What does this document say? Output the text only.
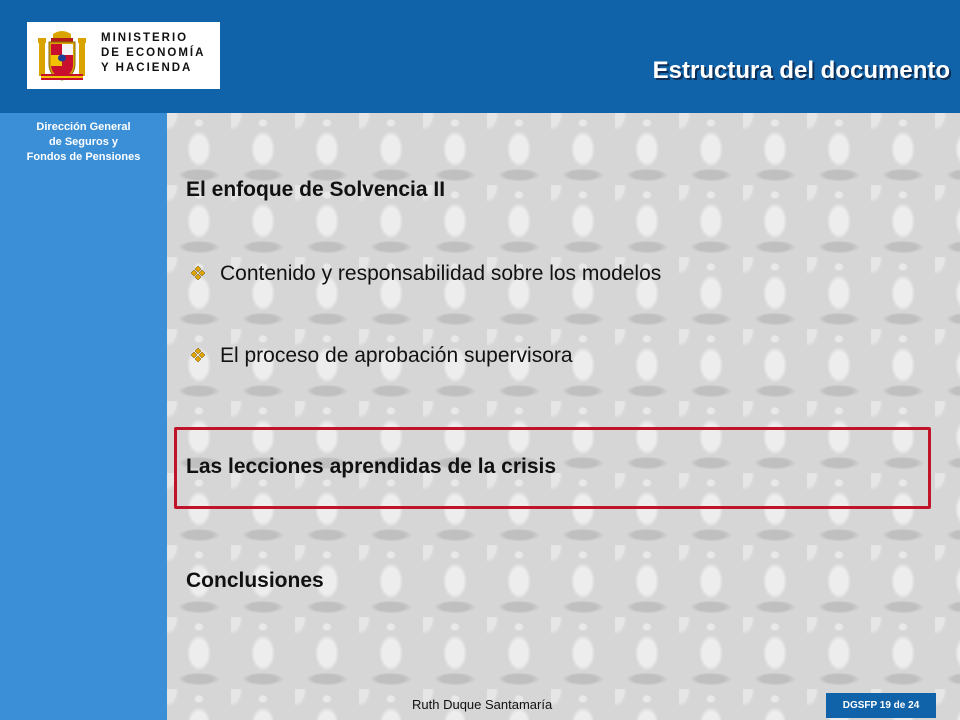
MINISTERIO
DE ECONOMÍA
Y HACIENDA	Estructura del documento
Dirección General
de Seguros y
Fondos de Pensiones
El enfoque de Solvencia II
Contenido y responsabilidad sobre los modelos
El proceso de aprobación supervisora
Las lecciones aprendidas de la crisis
Conclusiones
Ruth Duque Santamaría	DGSFP 19 de 24
